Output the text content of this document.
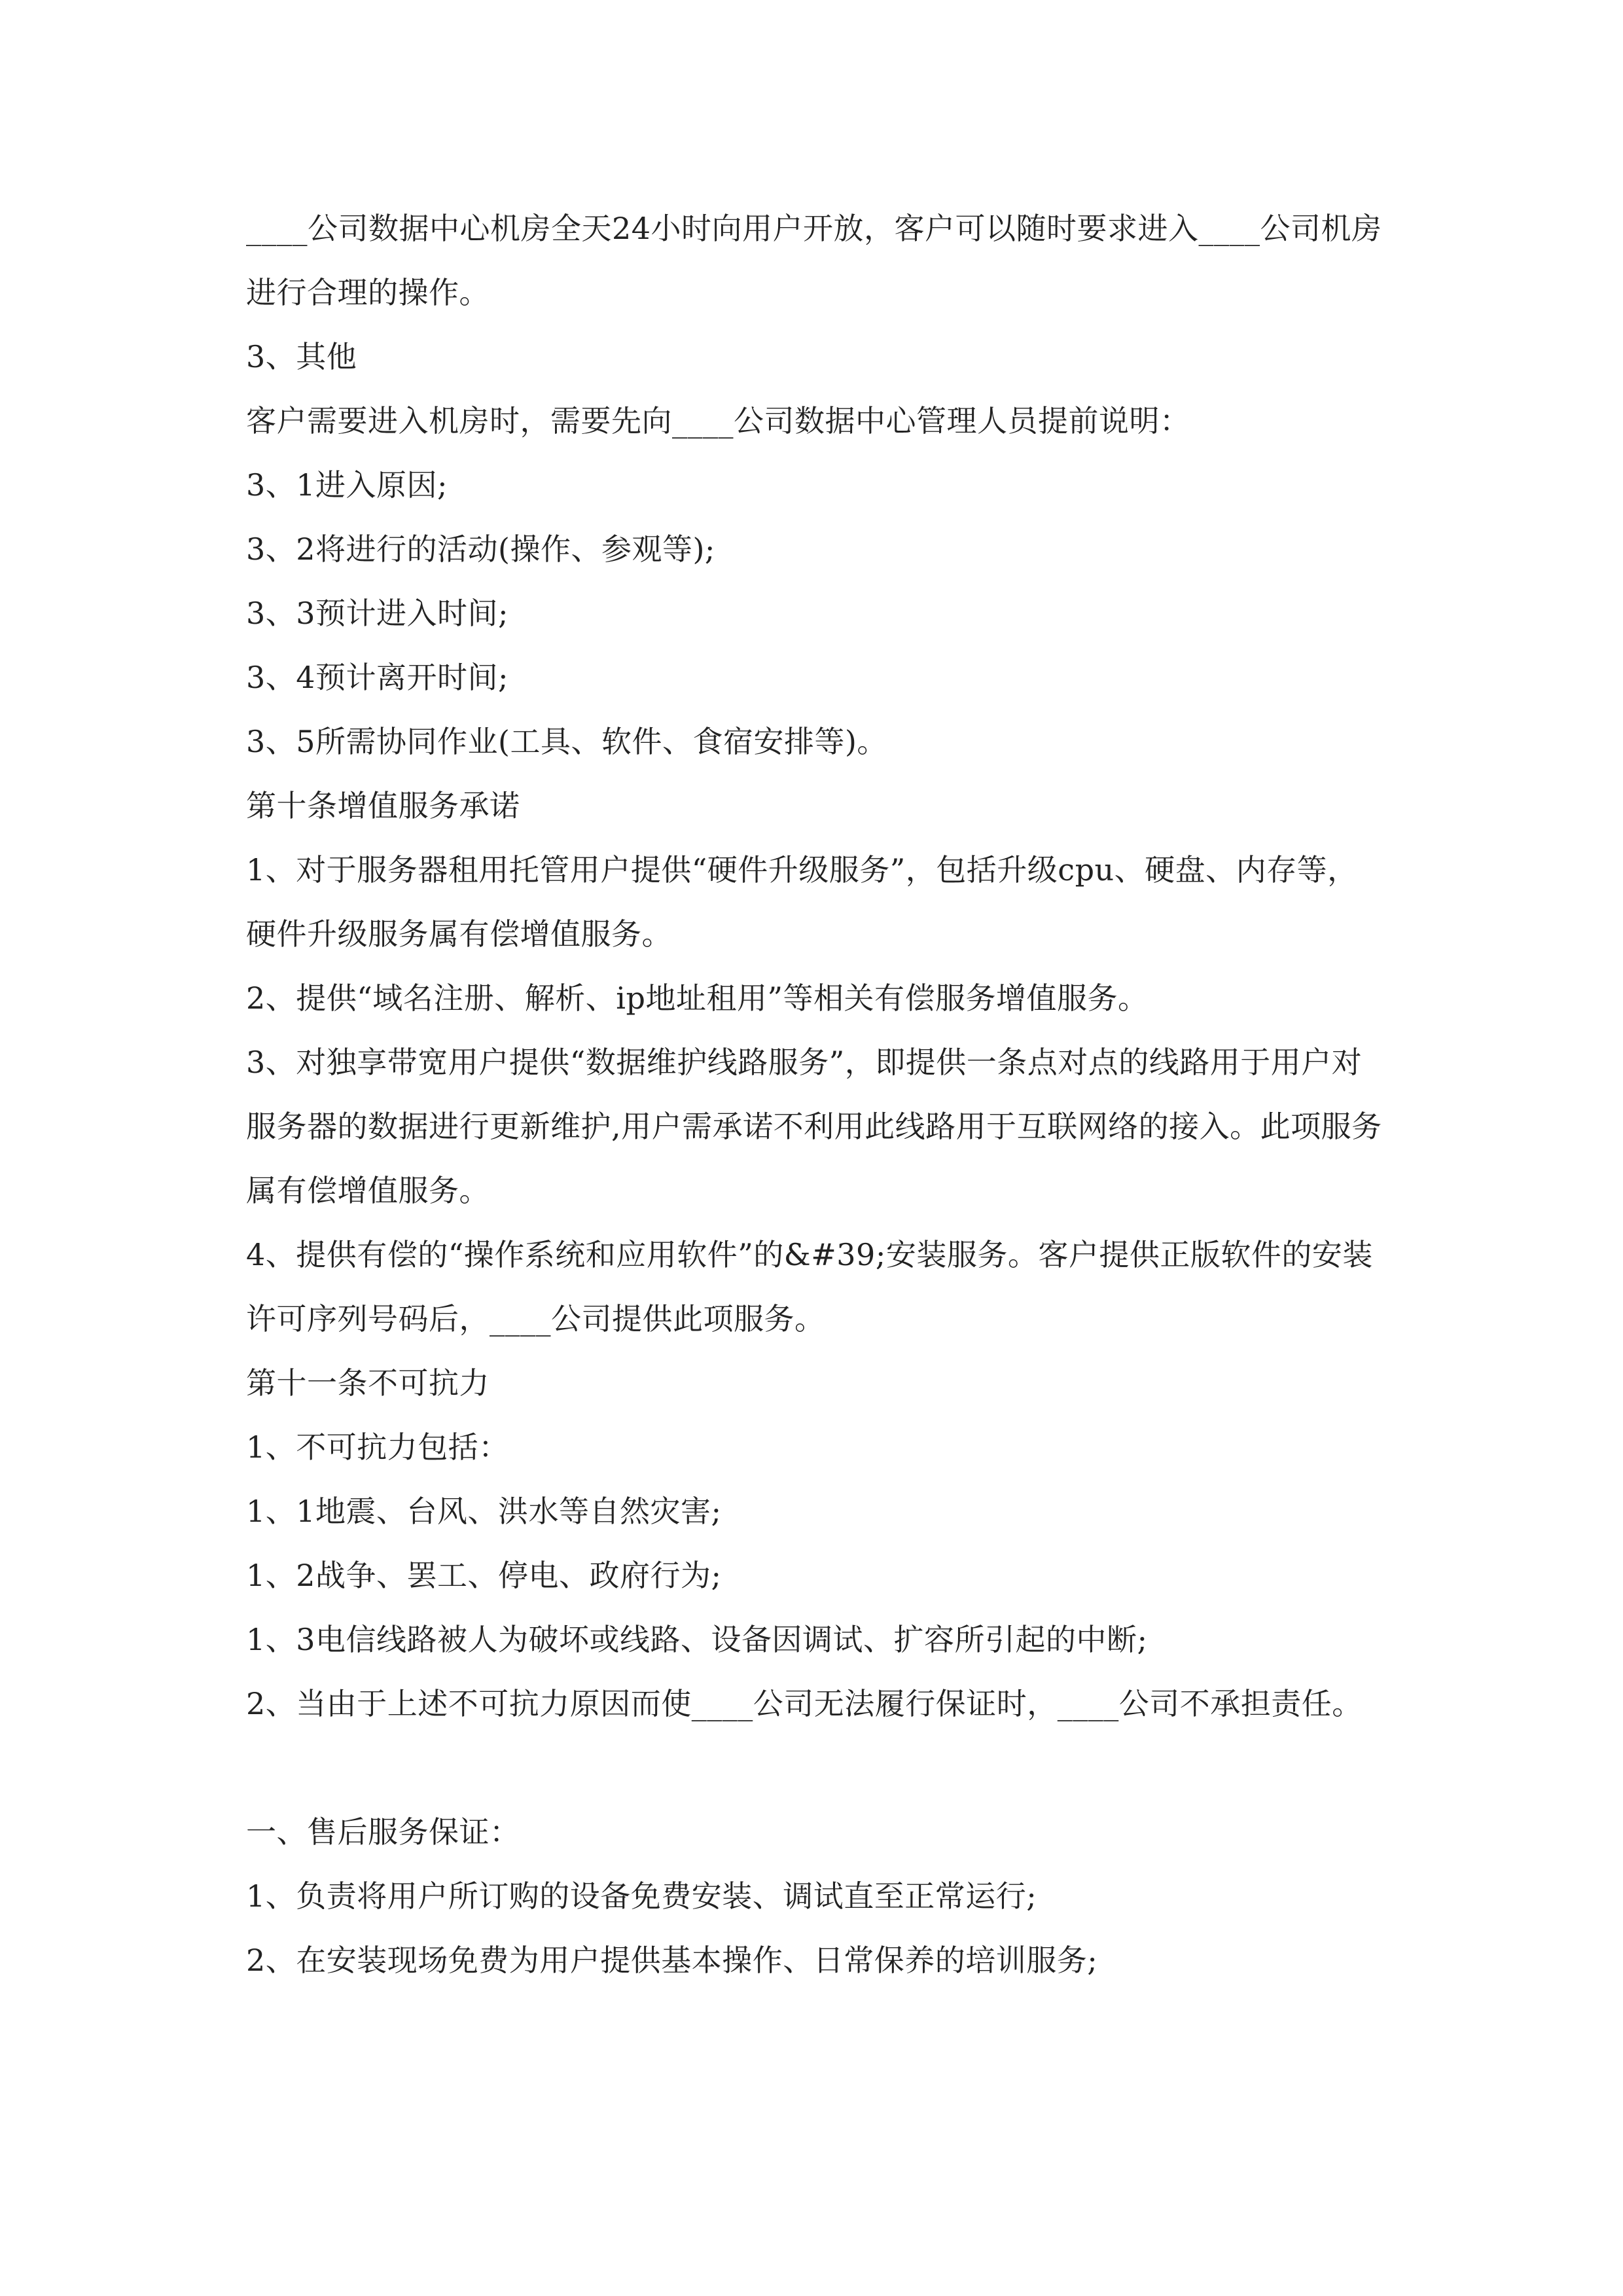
____公司数据中心机房全天24小时向用户开放，客户可以随时要求进入____公司机房进行合理的操作。

3、其他

客户需要进入机房时，需要先向____公司数据中心管理人员提前说明：

3、1进入原因;

3、2将进行的活动(操作、参观等);

3、3预计进入时间;

3、4预计离开时间;

3、5所需协同作业(工具、软件、食宿安排等)。

第十条增值服务承诺

1、对于服务器租用托管用户提供“硬件升级服务”，包括升级cpu、硬盘、内存等，硬件升级服务属有偿增值服务。

2、提供“域名注册、解析、ip地址租用”等相关有偿服务增值服务。

3、对独享带宽用户提供“数据维护线路服务”，即提供一条点对点的线路用于用户对服务器的数据进行更新维护,用户需承诺不利用此线路用于互联网络的接入。此项服务属有偿增值服务。

4、提供有偿的“操作系统和应用软件”的&#39;安装服务。客户提供正版软件的安装许可序列号码后，____公司提供此项服务。

第十一条不可抗力

1、不可抗力包括：

1、1地震、台风、洪水等自然灾害;

1、2战争、罢工、停电、政府行为;

1、3电信线路被人为破坏或线路、设备因调试、扩容所引起的中断;

2、当由于上述不可抗力原因而使____公司无法履行保证时，____公司不承担责任。

一、售后服务保证：

1、负责将用户所订购的设备免费安装、调试直至正常运行;

2、在安装现场免费为用户提供基本操作、日常保养的培训服务;
